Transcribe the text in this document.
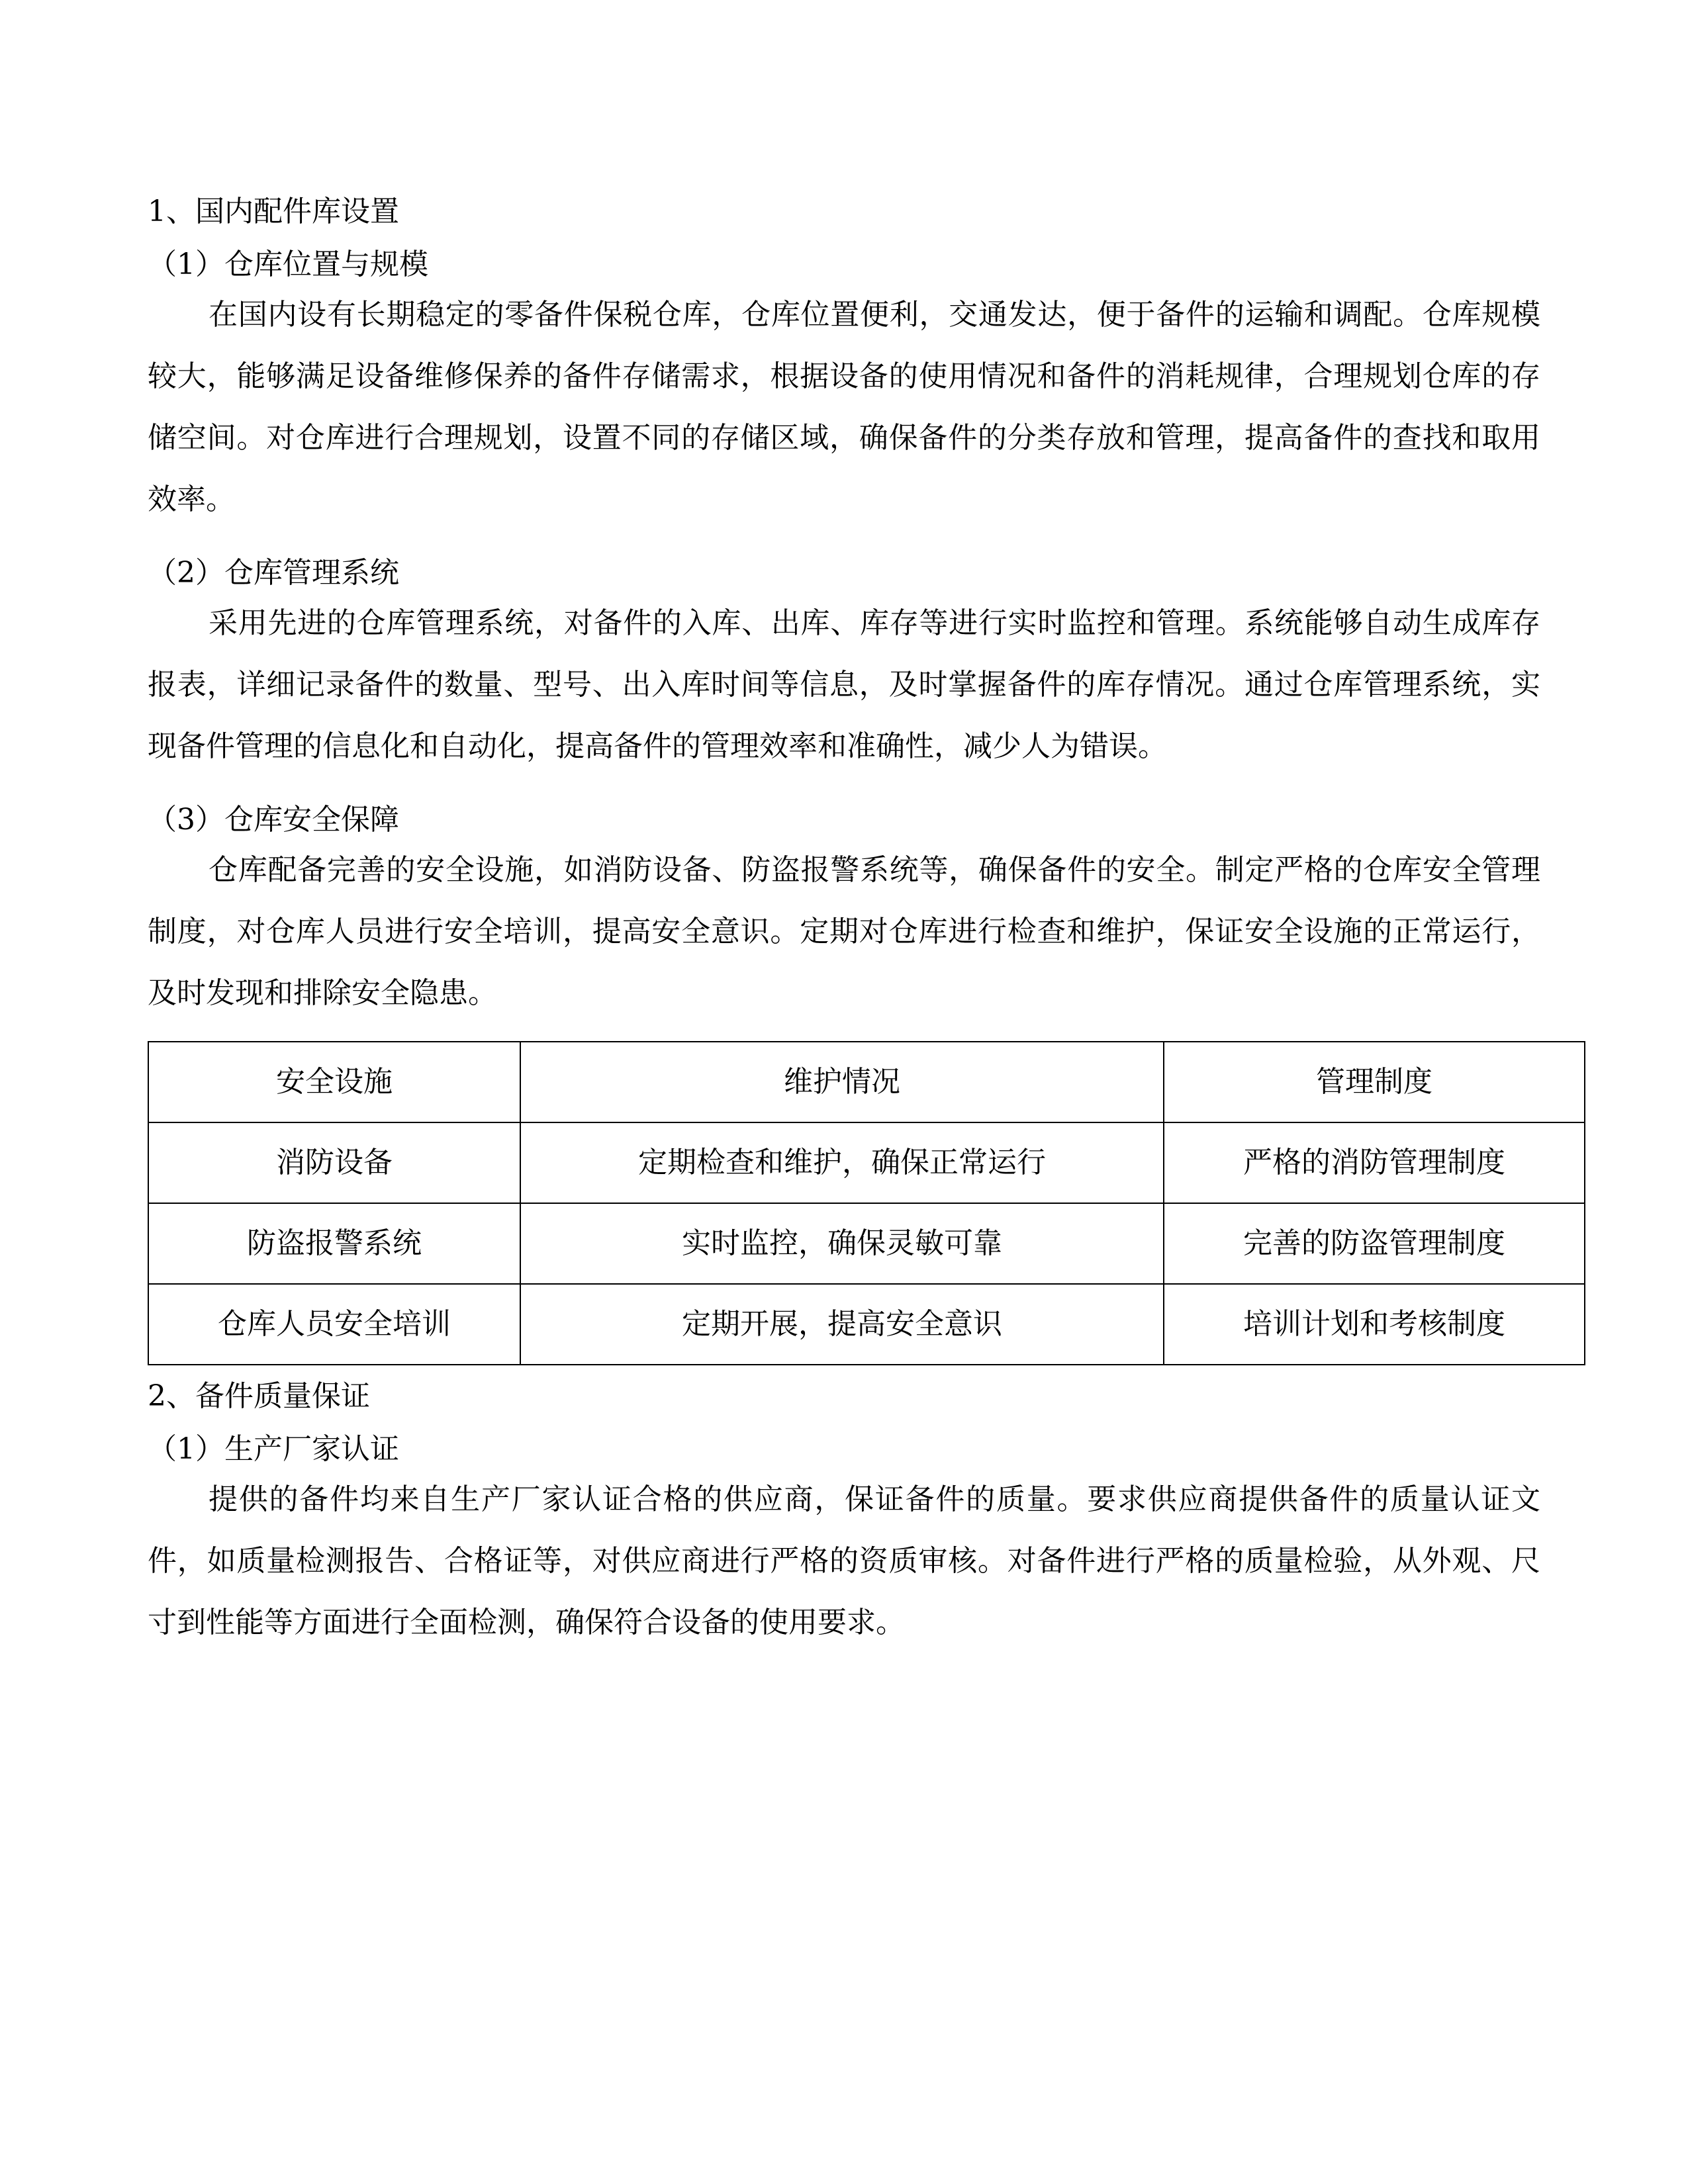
1、国内配件库设置
（1）仓库位置与规模

在国内设有长期稳定的零备件保税仓库，仓库位置便利，交通发达，便于备件的运输和调配。仓库规模较大，能够满足设备维修保养的备件存储需求，根据设备的使用情况和备件的消耗规律，合理规划仓库的存储空间。对仓库进行合理规划，设置不同的存储区域，确保备件的分类存放和管理，提高备件的查找和取用效率。

（2）仓库管理系统

采用先进的仓库管理系统，对备件的入库、出库、库存等进行实时监控和管理。系统能够自动生成库存报表，详细记录备件的数量、型号、出入库时间等信息，及时掌握备件的库存情况。通过仓库管理系统，实现备件管理的信息化和自动化，提高备件的管理效率和准确性，减少人为错误。

（3）仓库安全保障

仓库配备完善的安全设施，如消防设备、防盗报警系统等，确保备件的安全。制定严格的仓库安全管理制度，对仓库人员进行安全培训，提高安全意识。定期对仓库进行检查和维护，保证安全设施的正常运行，及时发现和排除安全隐患。

安全设施	维护情况	管理制度
消防设备	定期检查和维护，确保正常运行	严格的消防管理制度
防盗报警系统	实时监控，确保灵敏可靠	完善的防盗管理制度
仓库人员安全培训	定期开展，提高安全意识	培训计划和考核制度
2、备件质量保证
（1）生产厂家认证

提供的备件均来自生产厂家认证合格的供应商，保证备件的质量。要求供应商提供备件的质量认证文件，如质量检测报告、合格证等，对供应商进行严格的资质审核。对备件进行严格的质量检验，从外观、尺寸到性能等方面进行全面检测，确保符合设备的使用要求。
